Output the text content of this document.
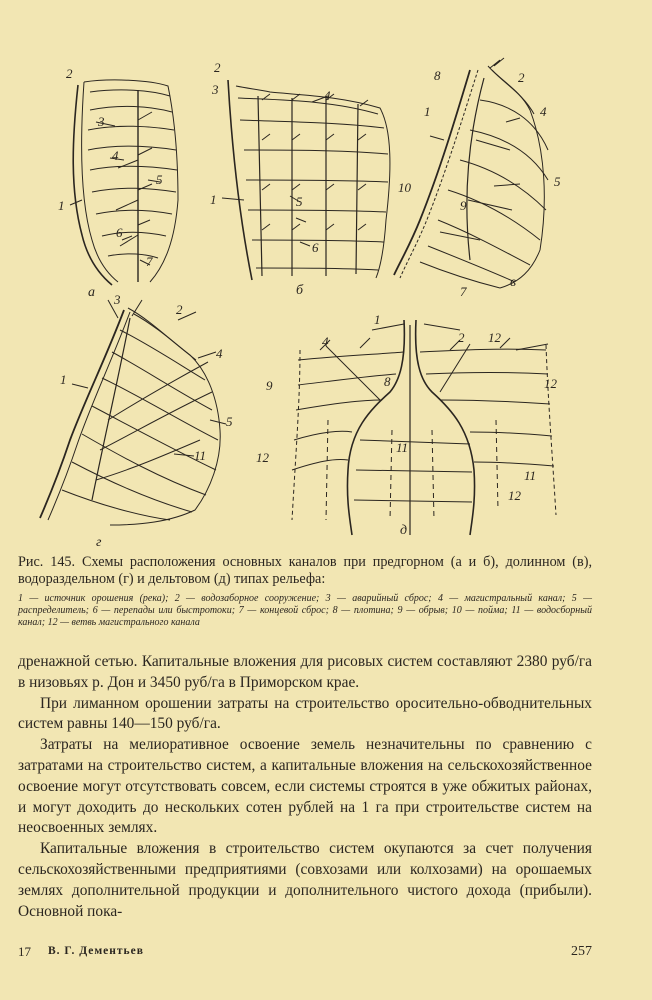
2
3
4
5
1
6
7
а
2
3	4
1	5
6
б
8	2
1	4
5
10
9
7
в
3
2
4
1
5
11
г
1
4	2 12
12
9	8
11
12
11
12
д
Рис. 145. Схемы расположения основных каналов при предгорном (а и б), долинном (в), водораздельном (г) и дельтовом (д) типах рельефа:
1 — источник орошения (река); 2 — водозаборное сооружение; 3 — аварийный сброс; 4 — магистральный канал; 5 — распределитель; 6 — перепады или быстротоки; 7 — концевой сброс; 8 — плотина; 9 — обрыв; 10 — пойма; 11 — водосборный канал; 12 — ветвь магистрального канала

дренажной сетью. Капитальные вложения для рисовых систем составляют 2380 руб/га в низовьях р. Дон и 3450 руб/га в Приморском крае.

При лиманном орошении затраты на строительство оросительно-обводнительных систем равны 140—150 руб/га.

Затраты на мелиоративное освоение земель незначительны по сравнению с затратами на строительство систем, а капитальные вложения на сельскохозяйственное освоение могут отсутствовать совсем, если системы строятся в уже обжитых районах, и могут доходить до нескольких сотен рублей на 1 га при строительстве систем на неосвоенных землях.

Капитальные вложения в строительство систем окупаются за счет получения сельскохозяйственными предприятиями (совхозами или колхозами) на орошаемых землях дополнительной продукции и дополнительного чистого дохода (прибыли). Основной пока-

17 В. Г. Дементьев	257
